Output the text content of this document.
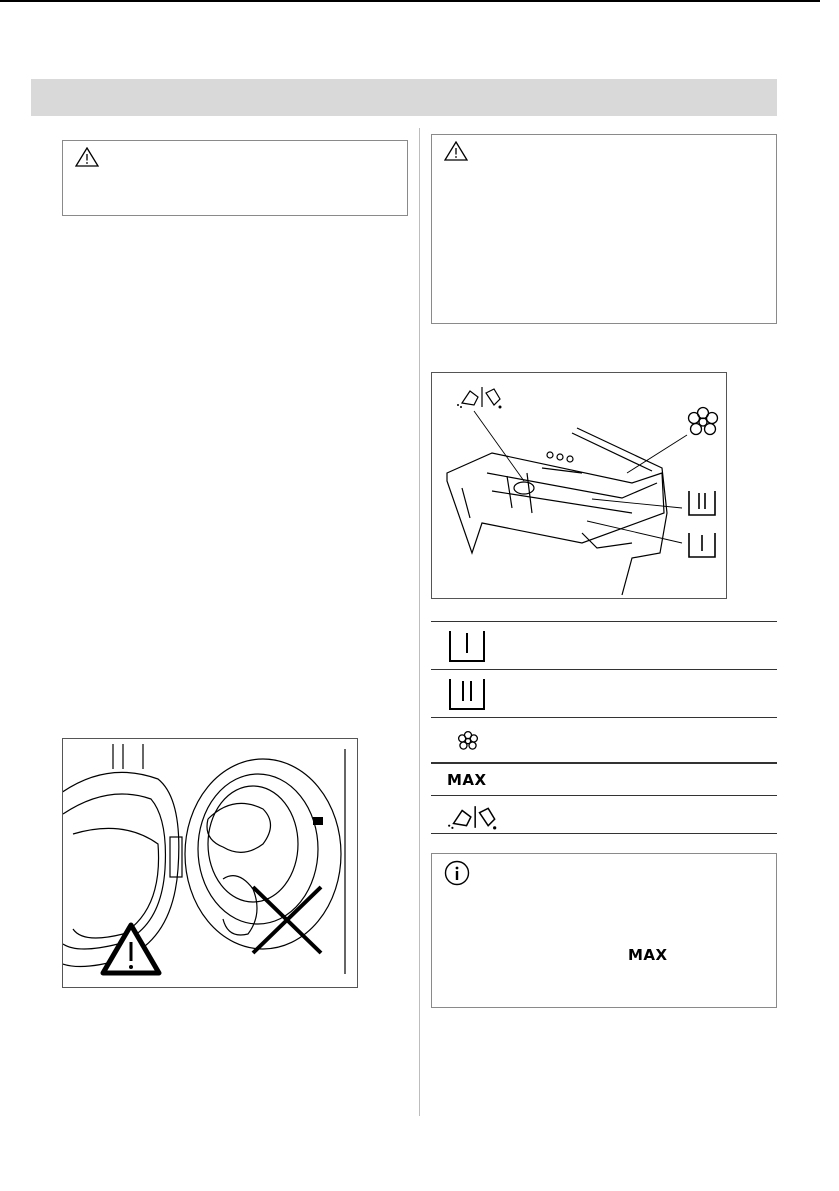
MAX
MAX
